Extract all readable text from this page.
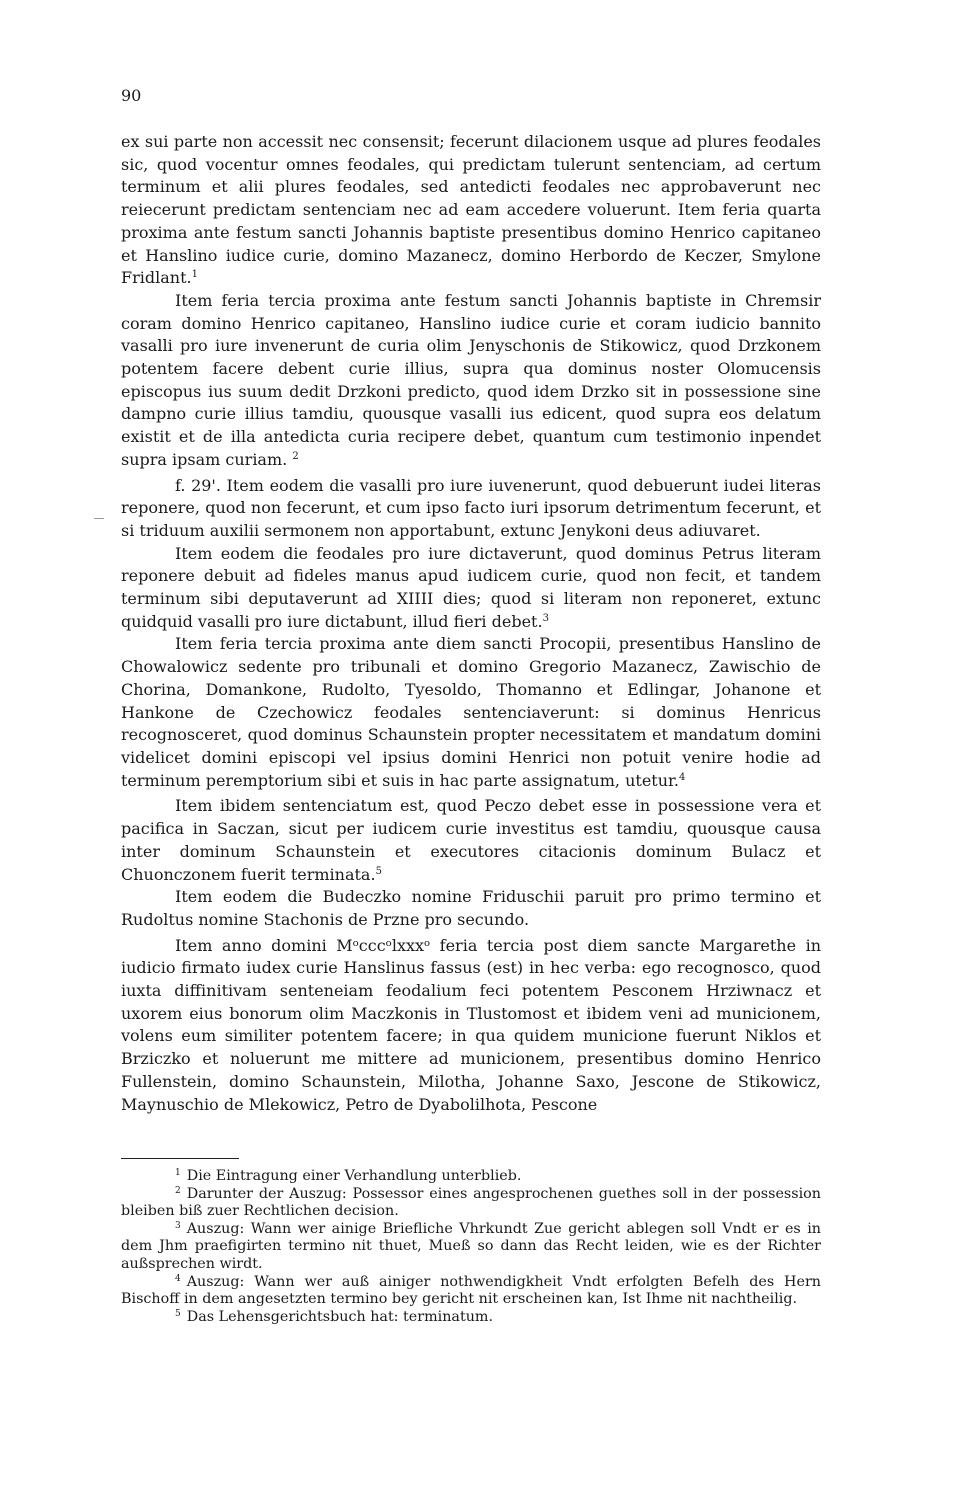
90

ex sui parte non accessit nec consensit; fecerunt dilacionem usque ad plures feodales sic, quod vocentur omnes feodales, qui predictam tulerunt sentenciam, ad certum terminum et alii plures feodales, sed antedicti feodales nec approbaverunt nec reiecerunt predictam sentenciam nec ad eam accedere voluerunt. Item feria quarta proxima ante festum sancti Johannis baptiste presentibus domino Henrico capitaneo et Hanslino iudice curie, domino Mazanecz, domino Herbordo de Keczer, Smylone Fridlant.$^1$

Item feria tercia proxima ante festum sancti Johannis baptiste in Chremsir coram domino Henrico capitaneo, Hanslino iudice curie et coram iudicio bannito vasalli pro iure invenerunt de curia olim Jenyschonis de Stikowicz, quod Drzkonem potentem facere debent curie illius, supra qua dominus noster Olomucensis episcopus ius suum dedit Drzkoni predicto, quod idem Drzko sit in possessione sine dampno curie illius tamdiu, quousque vasalli ius edicent, quod supra eos delatum existit et de illa antedicta curia recipere debet, quantum cum testimonio inpendet supra ipsam curiam. $^2$

f. 29'. Item eodem die vasalli pro iure iuvenerunt, quod debuerunt iudei literas reponere, quod non fecerunt, et cum ipso facto iuri ipsorum detrimentum fecerunt, et si triduum auxilii sermonem non apportabunt, extunc Jenykoni deus adiuvaret.

Item eodem die feodales pro iure dictaverunt, quod dominus Petrus literam reponere debuit ad fideles manus apud iudicem curie, quod non fecit, et tandem terminum sibi deputaverunt ad XIIII dies; quod si literam non reponeret, extunc quidquid vasalli pro iure dictabunt, illud fieri debet.$^3$

Item feria tercia proxima ante diem sancti Procopii, presentibus Hanslino de Chowalowicz sedente pro tribunali et domino Gregorio Mazanecz, Zawischio de Chorina, Domankone, Rudolto, Tyesoldo, Thomanno et Edlingar, Johanone et Hankone de Czechowicz feodales sentenciaverunt: si dominus Henricus recognosceret, quod dominus Schaunstein propter necessitatem et mandatum domini videlicet domini episcopi vel ipsius domini Henrici non potuit venire hodie ad terminum peremptorium sibi et suis in hac parte assignatum, utetur.$^4$

Item ibidem sentenciatum est, quod Peczo debet esse in possessione vera et pacifica in Saczan, sicut per iudicem curie investitus est tamdiu, quousque causa inter dominum Schaunstein et executores citacionis dominum Bulacz et Chuonczonem fuerit terminata.$^5$

Item eodem die Budeczko nomine Friduschii paruit pro primo termino et Rudoltus nomine Stachonis de Przne pro secundo.

Item anno domini Mᵒcccᵒlxxxᵒ feria tercia post diem sancte Margarethe in iudicio firmato iudex curie Hanslinus fassus (est) in hec verba: ego recognosco, quod iuxta diffinitivam senteneiam feodalium feci potentem Pesconem Hrziwnacz et uxorem eius bonorum olim Maczkonis in Tlustomost et ibidem veni ad municionem, volens eum similiter potentem facere; in qua quidem municione fuerunt Niklos et Brziczko et noluerunt me mittere ad municionem, presentibus domino Henrico Fullenstein, domino Schaunstein, Milotha, Johanne Saxo, Jescone de Stikowicz, Maynuschio de Mlekowicz, Petro de Dyabolilhota, Pescone

$^1$ Die Eintragung einer Verhandlung unterblieb.

$^2$ Darunter der Auszug: Possessor eines angesprochenen guethes soll in der possession bleiben biß zuer Rechtlichen decision.

$^3$ Auszug: Wann wer ainige Briefliche Vhrkundt Zue gericht ablegen soll Vndt er es in dem Jhm praefigirten termino nit thuet, Mueß so dann das Recht leiden, wie es der Richter außsprechen wirdt.

$^4$ Auszug: Wann wer auß ainiger nothwendigkheit Vndt erfolgten Befelh des Hern Bischoff in dem angesetzten termino bey gericht nit erscheinen kan, Ist Ihme nit nachtheilig.

$^5$ Das Lehensgerichtsbuch hat: terminatum.
